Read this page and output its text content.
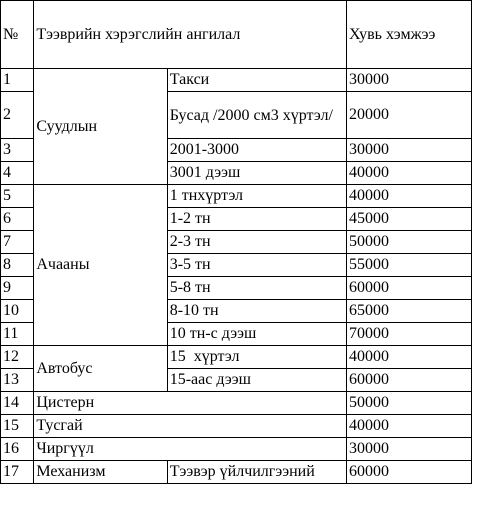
№	Тээврийн хэрэгслийн ангилал		Хувь хэмжээ
1	Суудлын	Такси	30000
2		Бусад /2000 см3 хүртэл/	20000
3		2001-3000	30000
4		3001 дээш	40000
5	Ачааны	1 тнхүртэл	40000
6		1-2 тн	45000
7		2-3 тн	50000
8		3-5 тн	55000
9		5-8 тн	60000
10		8-10 тн	65000
11		10 тн-с дээш	70000
12	Автобус	15  хүртэл	40000
13		15-аас дээш	60000
14	Цистерн		50000
15	Тусгай		40000
16	Чиргүүл		30000
17	Механизм	Тээвэр үйлчилгээний	60000
